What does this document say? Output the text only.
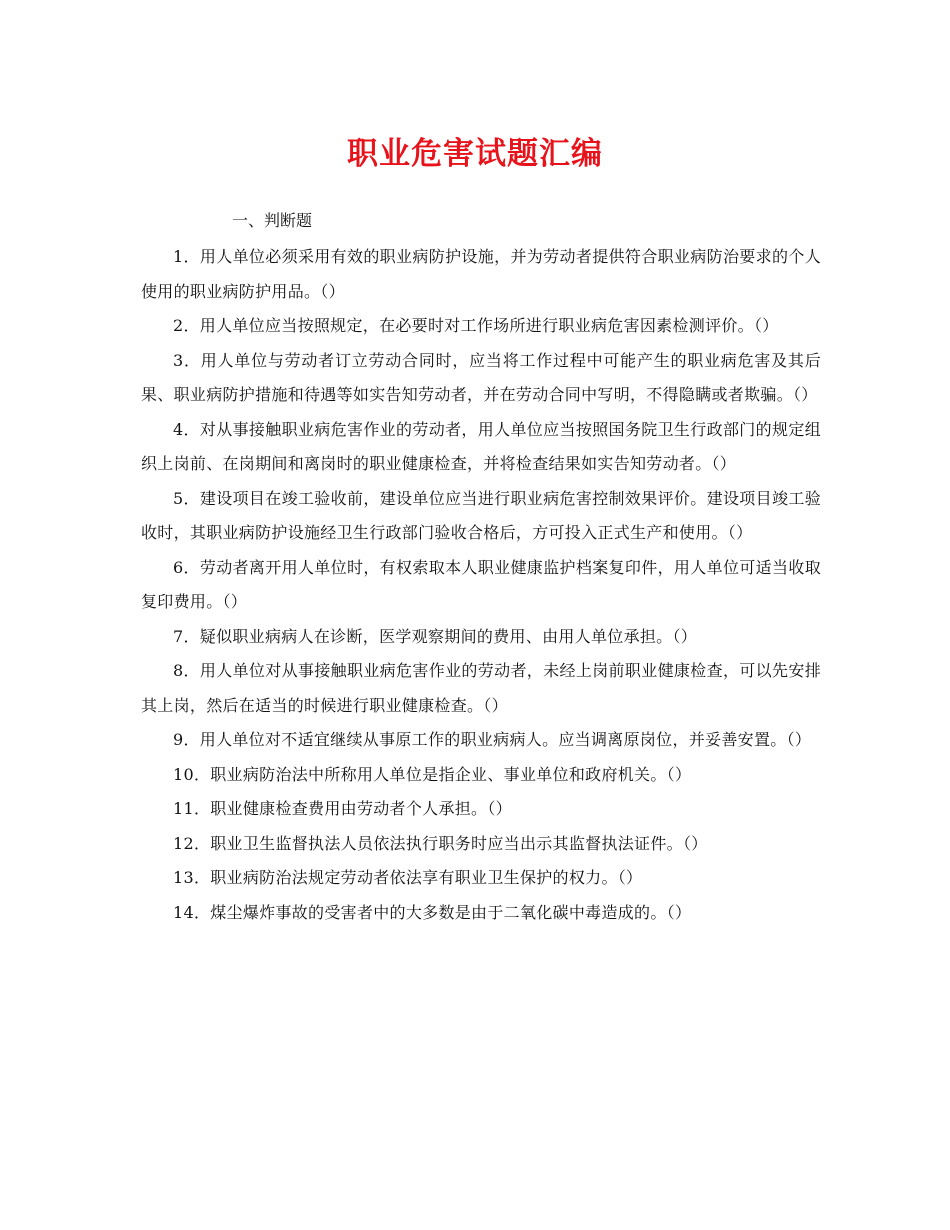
职业危害试题汇编
一、判断题

1．用人单位必须采用有效的职业病防护设施，并为劳动者提供符合职业病防治要求的个人使用的职业病防护用品。（）

2．用人单位应当按照规定，在必要时对工作场所进行职业病危害因素检测评价。（）

3．用人单位与劳动者订立劳动合同时，应当将工作过程中可能产生的职业病危害及其后果、职业病防护措施和待遇等如实告知劳动者，并在劳动合同中写明，不得隐瞒或者欺骗。（）

4．对从事接触职业病危害作业的劳动者，用人单位应当按照国务院卫生行政部门的规定组织上岗前、在岗期间和离岗时的职业健康检查，并将检查结果如实告知劳动者。（）

5．建设项目在竣工验收前，建设单位应当进行职业病危害控制效果评价。建设项目竣工验收时，其职业病防护设施经卫生行政部门验收合格后，方可投入正式生产和使用。（）

6．劳动者离开用人单位时，有权索取本人职业健康监护档案复印件，用人单位可适当收取复印费用。（）

7．疑似职业病病人在诊断，医学观察期间的费用、由用人单位承担。（）

8．用人单位对从事接触职业病危害作业的劳动者，未经上岗前职业健康检查，可以先安排其上岗，然后在适当的时候进行职业健康检查。（）

9．用人单位对不适宜继续从事原工作的职业病病人。应当调离原岗位，并妥善安置。（）

10．职业病防治法中所称用人单位是指企业、事业单位和政府机关。（）

11．职业健康检查费用由劳动者个人承担。（）

12．职业卫生监督执法人员依法执行职务时应当出示其监督执法证件。（）

13．职业病防治法规定劳动者依法享有职业卫生保护的权力。（）

14．煤尘爆炸事故的受害者中的大多数是由于二氧化碳中毒造成的。（）
